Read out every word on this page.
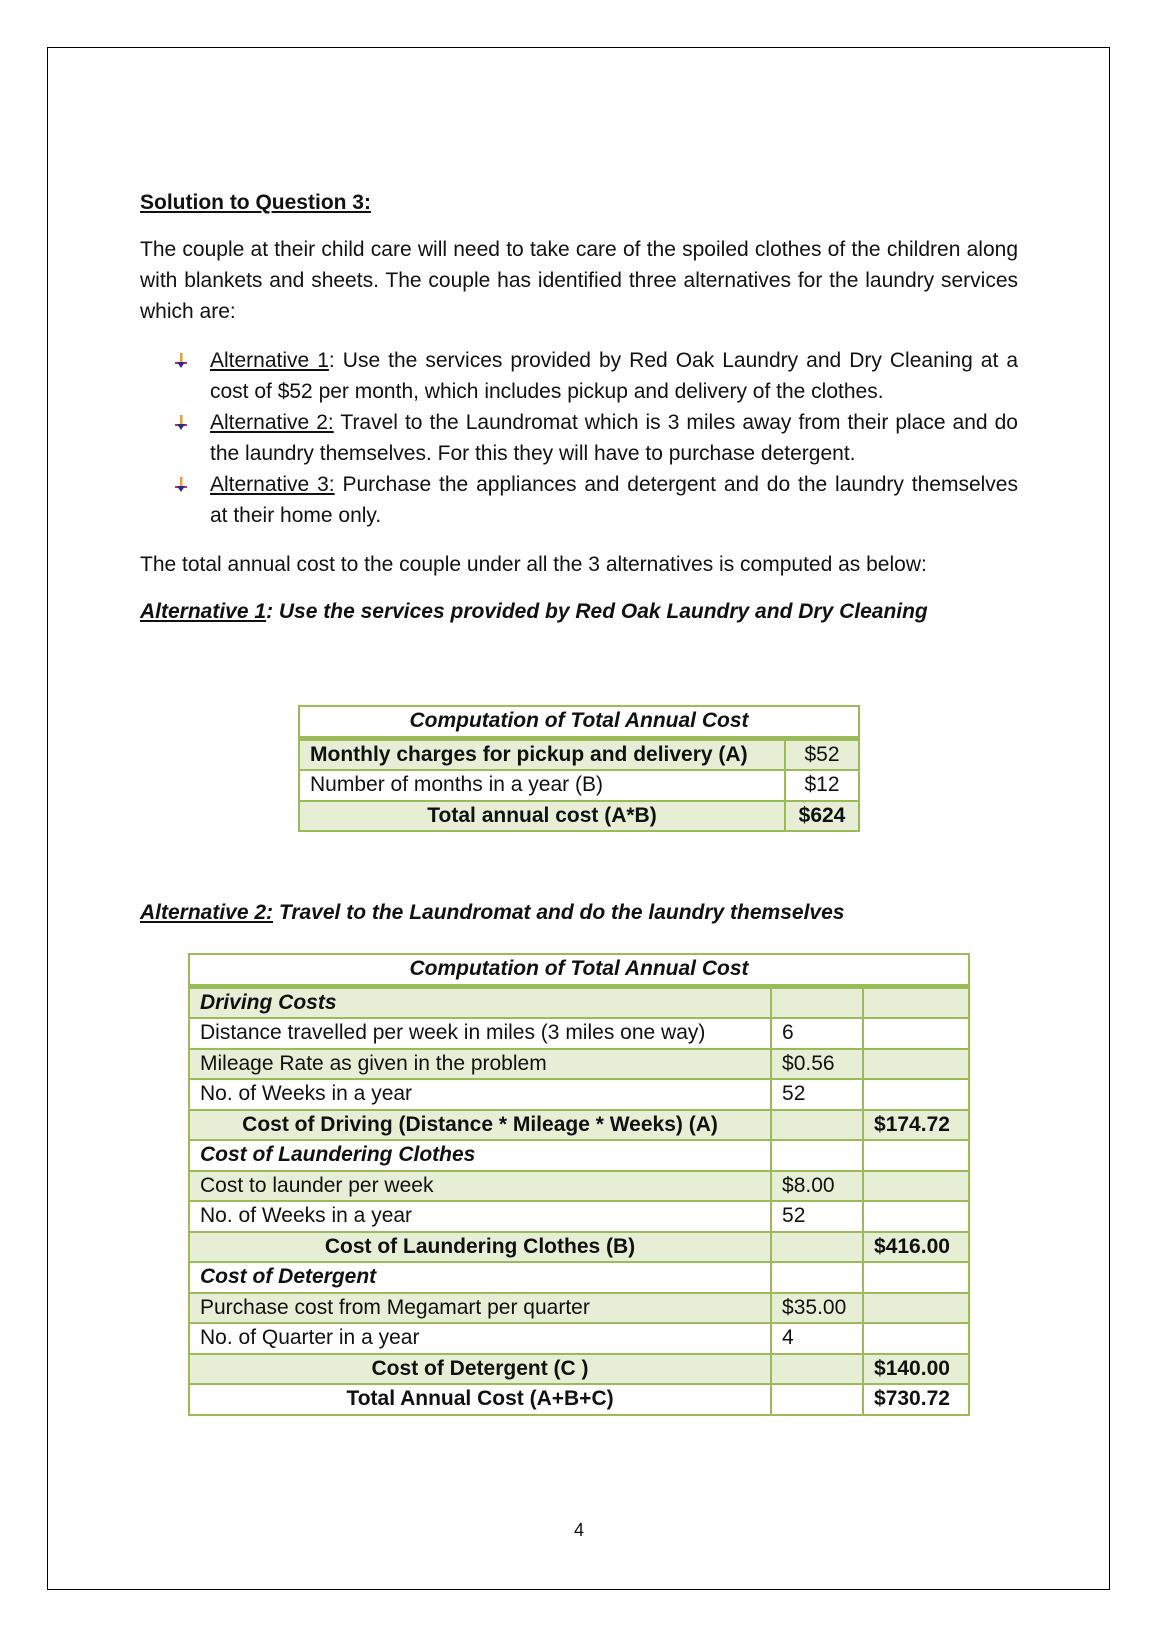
Solution to Question 3:

The couple at their child care will need to take care of the spoiled clothes of the children along with blankets and sheets. The couple has identified three alternatives for the laundry services which are:

Alternative 1: Use the services provided by Red Oak Laundry and Dry Cleaning at a cost of $52 per month, which includes pickup and delivery of the clothes.
Alternative 2: Travel to the Laundromat which is 3 miles away from their place and do the laundry themselves. For this they will have to purchase detergent.
Alternative 3: Purchase the appliances and detergent and do the laundry themselves at their home only.

The total annual cost to the couple under all the 3 alternatives is computed as below:

Alternative 1: Use the services provided by Red Oak Laundry and Dry Cleaning

Computation of Total Annual Cost	
Monthly charges for pickup and delivery (A)	$52
Number of months in a year (B)	$12
Total annual cost (A*B)	$624

Alternative 2: Travel to the Laundromat and do the laundry themselves

Computation of Total Annual Cost		
Driving Costs		
Distance travelled per week in miles (3 miles one way)	6	
Mileage Rate as given in the problem	$0.56	
No. of Weeks in a year	52	
Cost of Driving (Distance * Mileage * Weeks) (A)		$174.72
Cost of Laundering Clothes		
Cost to launder per week	$8.00	
No. of Weeks in a year	52	
Cost of Laundering Clothes (B)		$416.00
Cost of Detergent		
Purchase cost from Megamart per quarter	$35.00	
No. of Quarter in a year	4	
Cost of Detergent (C )		$140.00
Total Annual Cost (A+B+C)		$730.72
4
